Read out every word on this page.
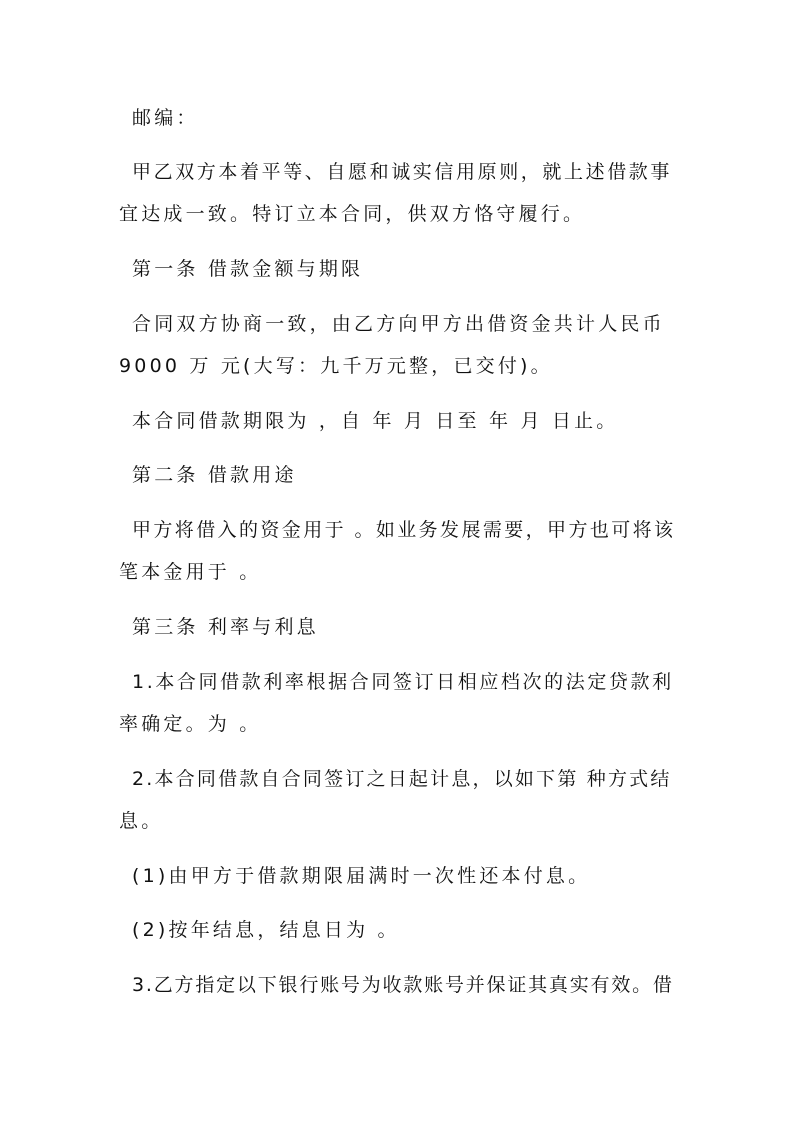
邮编：
甲乙双方本着平等、自愿和诚实信用原则，就上述借款事
宜达成一致。特订立本合同，供双方恪守履行。
第一条 借款金额与期限
合同双方协商一致，由乙方向甲方出借资金共计人民币
9000 万 元(大写：九千万元整，已交付)。
本合同借款期限为 ，自 年 月 日至 年 月 日止。
第二条 借款用途
甲方将借入的资金用于 。如业务发展需要，甲方也可将该
笔本金用于 。
第三条 利率与利息
1.本合同借款利率根据合同签订日相应档次的法定贷款利
率确定。为 。
2.本合同借款自合同签订之日起计息，以如下第 种方式结
息。
(1)由甲方于借款期限届满时一次性还本付息。
(2)按年结息，结息日为 。
3.乙方指定以下银行账号为收款账号并保证其真实有效。借
